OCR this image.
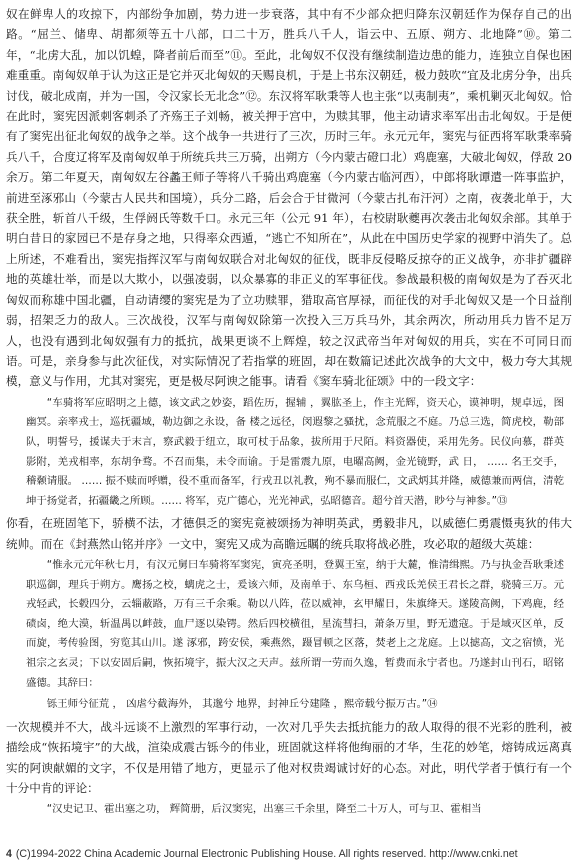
奴在鲜卑人的攻掠下，内部纷争加剧，势力进一步衰落，其中有不少部众把归降东汉朝廷作为保存自己的出路。“屈兰、储卑、胡都须等五十八部，口二十万，胜兵八千人，诣云中、五原、朔方、北地降”⑩。第二年，“北虏大乱，加以饥蝗，降者前后而至”⑪。至此，北匈奴不仅没有继续制造边患的能力，连独立自保也困难重重。南匈奴单于认为这正是它并灭北匈奴的天赐良机，于是上书东汉朝廷，极力鼓吹“宜及北虏分争，出兵讨伐，破北成南，并为一国，令汉家长无北念”⑫。东汉将军耿秉等人也主张“以夷制夷”，乘机剿灭北匈奴。恰在此时，窦宪因派刺客刺杀了齐殇王子刘畅，被关押于宫中，为赎其罪，他主动请求率军出击北匈奴。于是便有了窦宪出征北匈奴的战争之举。这个战争一共进行了三次，历时三年。永元元年，窦宪与征西将军耿秉率骑兵八千，合度辽将军及南匈奴单于所统兵共三万骑，出朔方（今内蒙古磴口北）鸡鹿塞，大破北匈奴，俘敌 20 余万。第二年夏天，南匈奴左谷蠡王师子等将八千骑出鸡鹿塞（今内蒙古临河西），中郎将耿谭遣一阵事监护，前进至涿邪山（今蒙古人民共和国境），兵分二路，后会合于甘微河（今蒙古扎布汗河）之南，夜袭北单于，大获全胜，斩首八千级，生俘阏氏等数千口。永元三年（公元 91 年），右校尉耿夔再次袭击北匈奴余部。其单于明白昔日的家园已不是存身之地，只得率众西遁，“逃亡不知所在”，从此在中国历史学家的视野中消失了。总上所述，不难看出，窦宪指挥汉军与南匈奴联合对北匈奴的征伐，既非反侵略反掠夺的正义战争，亦非扩疆辟地的英雄壮举，而是以大欺小，以强凌弱，以众暴寡的非正义的军事征伐。参战最积极的南匈奴是为了吞灭北匈奴而称雄中国北疆，自动请缨的窦宪是为了立功赎罪，猎取高官厚禄，而征伐的对手北匈奴又是一个日益削弱，招架乏力的敌人。三次战役，汉军与南匈奴除第一次投入三万兵马外，其余两次，所动用兵力皆不足万人，也没有遇到北匈奴强有力的抵抗，战果更谈不上辉煌，较之汉武帝当年对匈奴的用兵，实在不可同日而语。可是，亲身参与此次征伐，对实际情况了若指掌的班固，却在数篇记述此次战争的大文中，极力夸大其规模，意义与作用，尤其对窦宪，更是极尽阿谀之能事。请看《窦车骑北征颂》中的一段文字：

“车骑将军应昭明之上德，该文武之妙姿，蹈佐历，握辅 ，翼肱圣上，作主光辉，资天心，谟神明，规卓远，图幽冥。亲率戎士，巡抚疆域，勒边御之永设，备 楼之远径，闵遐黎之骚扰，念荒服之不庭。乃总三选，简虎校，勒部队，明誓号，援谋夫于末言，察武毅于纽立，取可杖于品象，拔所用于尺陌。料资器使，采用先务。民仪向慕，群英影附，羌戎相率，东胡争骛。不召而集，未令而谕。于是雷震九原，电曜高阙，金光镜野，武 日， …… 名王交手，稽颡请服。 …… 振不赎而呼赠，役不重而备军，行戎丑以礼教，殉不暴而服仁，文武炳其并隆，威德兼而两信，清乾坤于扬觉者，拓疆畿之所顾。…… 将军，克广德心，光光神武，弘昭德音。超兮首天潜，眇兮与神参。”⑬

你看，在班固笔下，骄横不法，才德俱乏的窦宪竟被颂扬为神明英武，勇毅非凡，以威德仁勇震慑夷狄的伟大统帅。而在《封燕然山铭并序》一文中，窦宪又成为高瞻远瞩的统兵取将战必胜，攻必取的超级大英雄：

“惟永元元年秋七月，有汉元舅曰车骑将军窦宪，寅亮圣明，登翼王室，纳于大麓，惟清缉熙。乃与执金吾耿秉述职巡御，理兵于朔方。鹰扬之校，螭虎之士，爰该六师，及南单于、东乌桓、西戎氐羌侯王君长之群，骁骑三万。元戎轻武，长毂四分，云辎蔽路，万有三千余乘。勒以八阵，莅以威神，玄甲耀日，朱旗绛天。遂陵高阙，下鸡鹿，经碛卤，绝大漠，斩温禺以衅鼓，血尸逐以染锷。然后四校横徂，星流彗扫，萧条万里，野无遗寇。于是域灭区单，反 而旋，考传验图，穷览其山川。遂 涿邪，跨安侯，乘燕然，蹑冒顿之区落，焚老上之龙庭。上以摅高，文之宿愤，光祖宗之玄灵；下以安固后嗣，恢拓境宇，振大汉之天声。兹所谓一劳而久逸，暂费而永宁者也。乃遂封山刊石，昭铭盛德。其辞曰：

铄王师兮征荒 ， 凶虐兮截海外， 其邈兮 地界，封神丘兮建隆 ，熙帝载兮振万古。”⑭

一次规模并不大，战斗远谈不上激烈的军事行动，一次对几乎失去抵抗能力的敌人取得的很不光彩的胜利，被描绘成“恢拓境宇”的大战，渲染成震古铄今的伟业，班固就这样将他绚丽的才华，生花的妙笔，熔铸成远离真实的阿谀献媚的文字，不仅是用错了地方，更显示了他对权贵竭诚讨好的心态。对此，明代学者于慎行有一个十分中肯的评论：

“汉史记卫、霍出塞之功， 辉简册，后汉窦宪，出塞三千余里，降至二十万人，可与卫、霍相当

4 (C)1994-2022 China Academic Journal Electronic Publishing House. All rights reserved. http://www.cnki.net
